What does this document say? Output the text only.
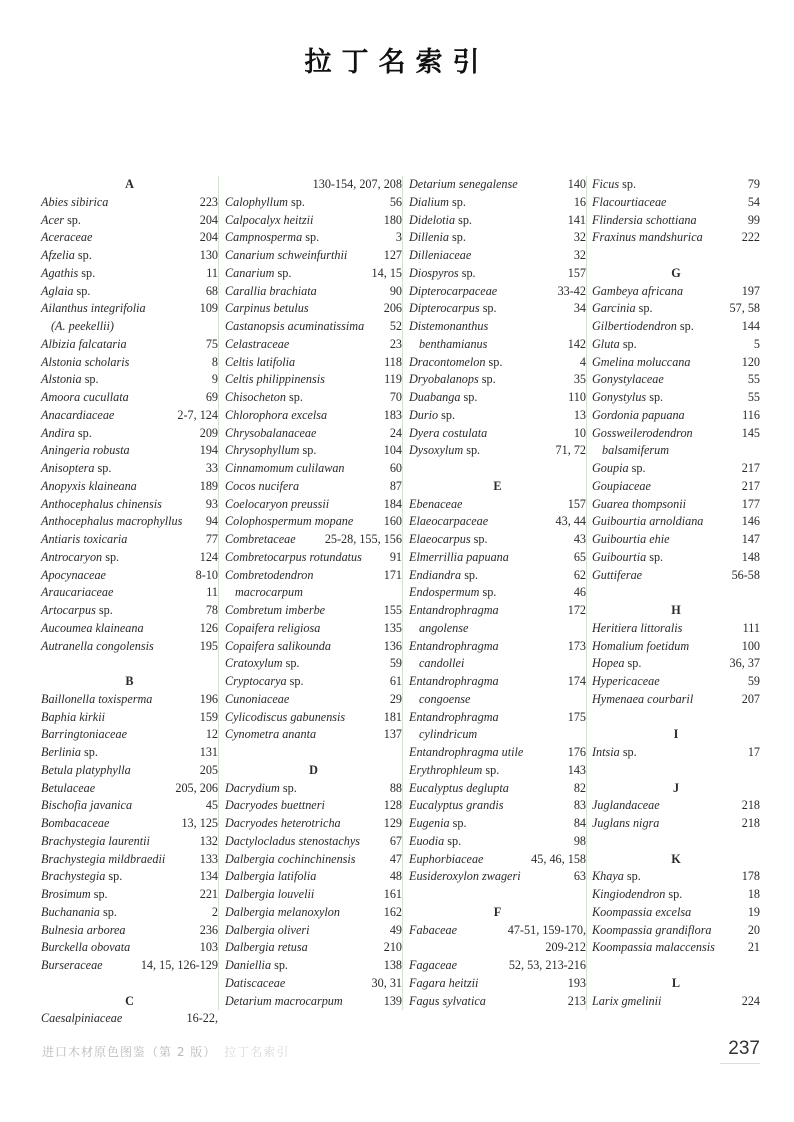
拉丁名索引
A
Abies sibirica	223
Acer sp.	204
Aceraceae	204
Afzelia sp.	130
Agathis sp.	11
Aglaia sp.	68
Ailanthus integrifolia	109
(A. peekellii)
Albizia falcataria	75
Alstonia scholaris	8
Alstonia sp.	9
Amoora cucullata	69
Anacardiaceae	2-7, 124
Andira sp.	209
Aningeria robusta	194
Anisoptera sp.	33
Anopyxis klaineana	189
Anthocephalus chinensis	93
Anthocephalus macrophyllus	94
Antiaris toxicaria	77
Antrocaryon sp.	124
Apocynaceae	8-10
Araucariaceae	11
Artocarpus sp.	78
Aucoumea klaineana	126
Autranella congolensis	195
B
Baillonella toxisperma	196
Baphia kirkii	159
Barringtoniaceae	12
Berlinia sp.	131
Betula platyphylla	205
Betulaceae	205, 206
Bischofia javanica	45
Bombacaceae	13, 125
Brachystegia laurentii	132
Brachystegia mildbraedii	133
Brachystegia sp.	134
Brosimum sp.	221
Buchanania sp.	2
Bulnesia arborea	236
Burckella obovata	103
Burseraceae	14, 15, 126-129
C
Caesalpiniaceae	16-22,
130-154, 207, 208
Calophyllum sp.	56
Calpocalyx heitzii	180
Campnosperma sp.	3
Canarium schweinfurthii	127
Canarium sp.	14, 15
Carallia brachiata	90
Carpinus betulus	206
Castanopsis acuminatissima	52
Celastraceae	23
Celtis latifolia	118
Celtis philippinensis	119
Chisocheton sp.	70
Chlorophora excelsa	183
Chrysobalanaceae	24
Chrysophyllum sp.	104
Cinnamomum culilawan	60
Cocos nucifera	87
Coelocaryon preussii	184
Colophospermum mopane	160
Combretaceae	25-28, 155, 156
Combretocarpus rotundatus	91
Combretodendron	171
macrocarpum
Combretum imberbe	155
Copaifera religiosa	135
Copaifera salikounda	136
Cratoxylum sp.	59
Cryptocarya sp.	61
Cunoniaceae	29
Cylicodiscus gabunensis	181
Cynometra ananta	137
D
Dacrydium sp.	88
Dacryodes buettneri	128
Dacryodes heterotricha	129
Dactylocladus stenostachys	67
Dalbergia cochinchinensis	47
Dalbergia latifolia	48
Dalbergia louvelii	161
Dalbergia melanoxylon	162
Dalbergia oliveri	49
Dalbergia retusa	210
Daniellia sp.	138
Datiscaceae	30, 31
Detarium macrocarpum	139
Detarium senegalense	140
Dialium sp.	16
Didelotia sp.	141
Dillenia sp.	32
Dilleniaceae	32
Diospyros sp.	157
Dipterocarpaceae	33-42
Dipterocarpus sp.	34
Distemonanthus
benthamianus	142
Dracontomelon sp.	4
Dryobalanops sp.	35
Duabanga sp.	110
Durio sp.	13
Dyera costulata	10
Dysoxylum sp.	71, 72
E
Ebenaceae	157
Elaeocarpaceae	43, 44
Elaeocarpus sp.	43
Elmerrillia papuana	65
Endiandra sp.	62
Endospermum sp.	46
Entandrophragma	172
angolense
Entandrophragma	173
candollei
Entandrophragma	174
congoense
Entandrophragma	175
cylindricum
Entandrophragma utile	176
Erythrophleum sp.	143
Eucalyptus deglupta	82
Eucalyptus grandis	83
Eugenia sp.	84
Euodia sp.	98
Euphorbiaceae	45, 46, 158
Eusideroxylon zwageri	63
F
Fabaceae	47-51, 159-170,
209-212
Fagaceae	52, 53, 213-216
Fagara heitzii	193
Fagus sylvatica	213
Ficus sp.	79
Flacourtiaceae	54
Flindersia schottiana	99
Fraxinus mandshurica	222
G
Gambeya africana	197
Garcinia sp.	57, 58
Gilbertiodendron sp.	144
Gluta sp.	5
Gmelina moluccana	120
Gonystylaceae	55
Gonystylus sp.	55
Gordonia papuana	116
Gossweilerodendron	145
balsamiferum
Goupia sp.	217
Goupiaceae	217
Guarea thompsonii	177
Guibourtia arnoldiana	146
Guibourtia ehie	147
Guibourtia sp.	148
Guttiferae	56-58
H
Heritiera littoralis	111
Homalium foetidum	100
Hopea sp.	36, 37
Hypericaceae	59
Hymenaea courbaril	207
I
Intsia sp.	17
J
Juglandaceae	218
Juglans nigra	218
K
Khaya sp.	178
Kingiodendron sp.	18
Koompassia excelsa	19
Koompassia grandiflora	20
Koompassia malaccensis	21
L
Larix gmelinii	224
进口木材原色图鉴（第 2 版） 拉丁名索引	237
